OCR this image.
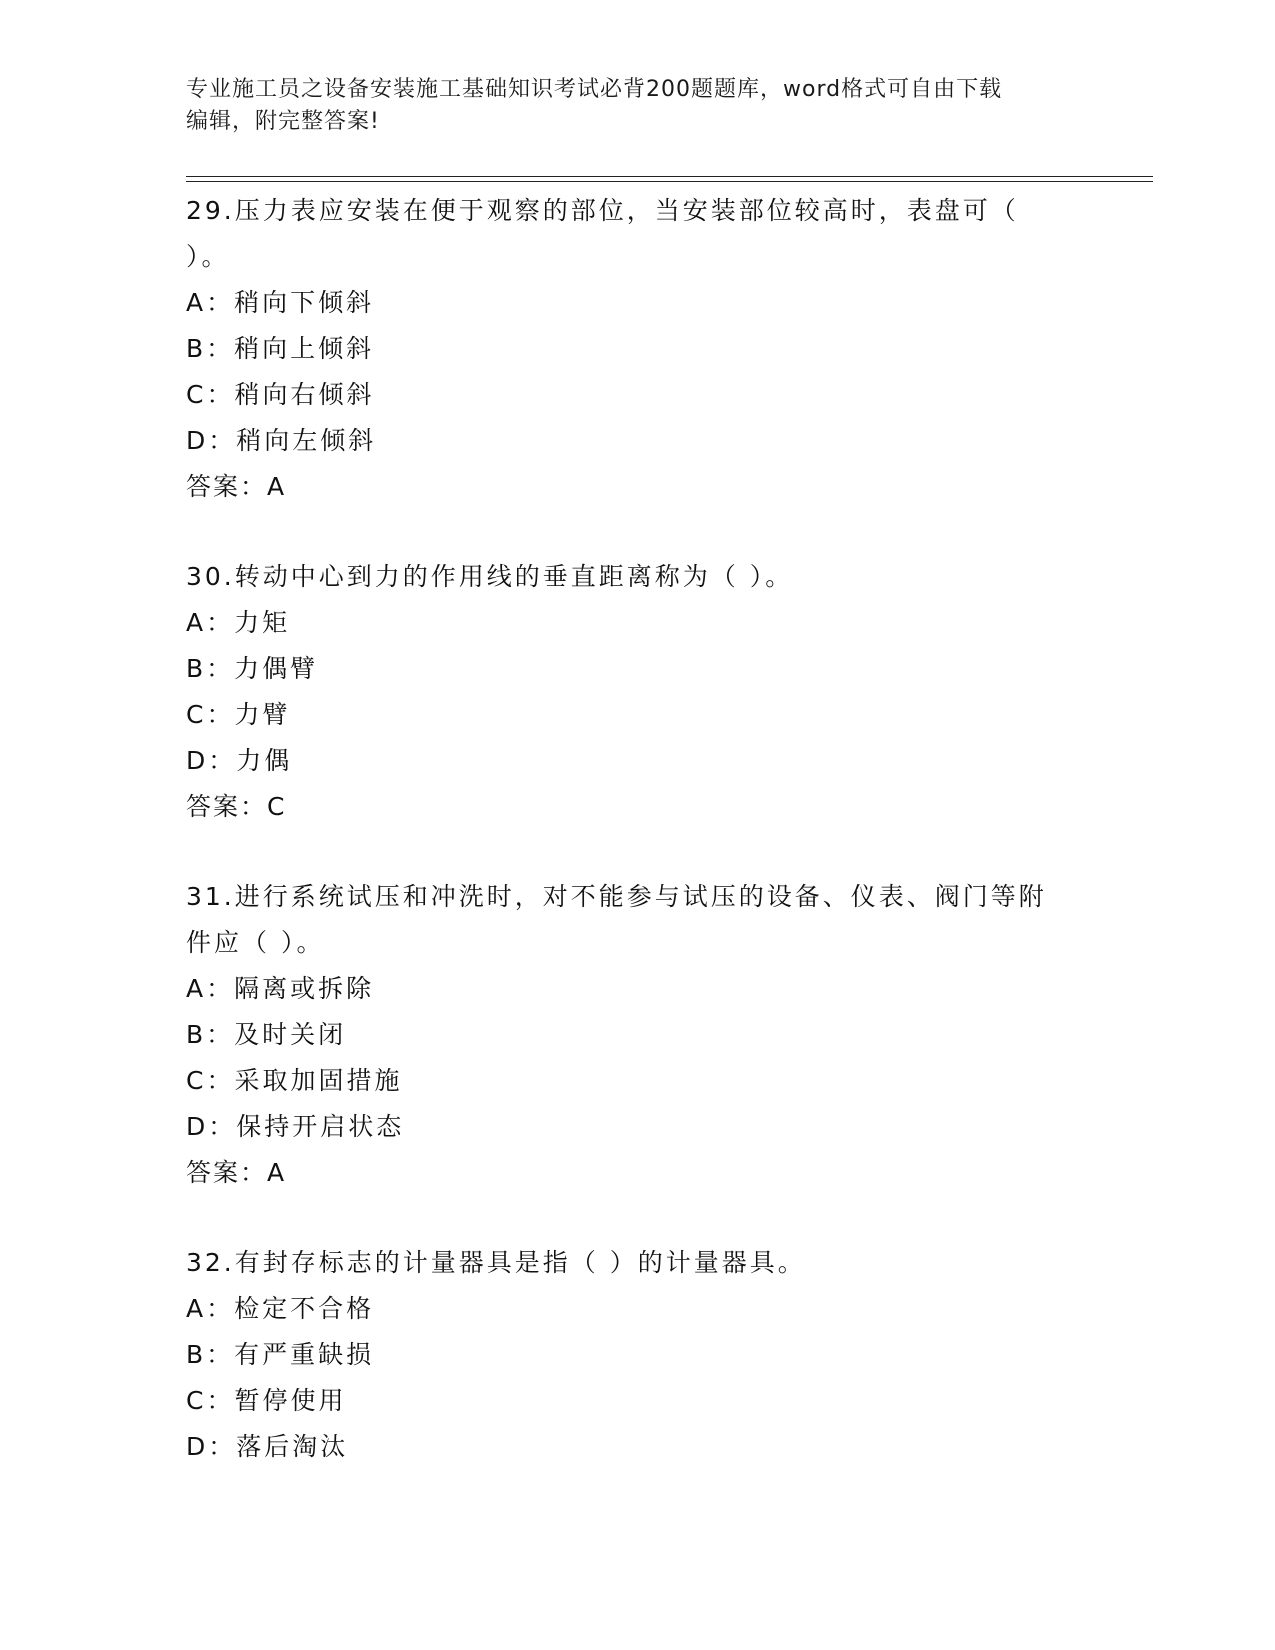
专业施工员之设备安装施工基础知识考试必背200题题库，word格式可自由下载
编辑，附完整答案!

29.压力表应安装在便于观察的部位，当安装部位较高时，表盘可（

）。

A：稍向下倾斜

B：稍向上倾斜

C：稍向右倾斜

D：稍向左倾斜

答案：A

30.转动中心到力的作用线的垂直距离称为（ ）。

A：力矩

B：力偶臂

C：力臂

D：力偶

答案：C

31.进行系统试压和冲洗时，对不能参与试压的设备、仪表、阀门等附

件应（ ）。

A：隔离或拆除

B：及时关闭

C：采取加固措施

D：保持开启状态

答案：A

32.有封存标志的计量器具是指（ ）的计量器具。

A：检定不合格

B：有严重缺损

C：暂停使用

D：落后淘汰
